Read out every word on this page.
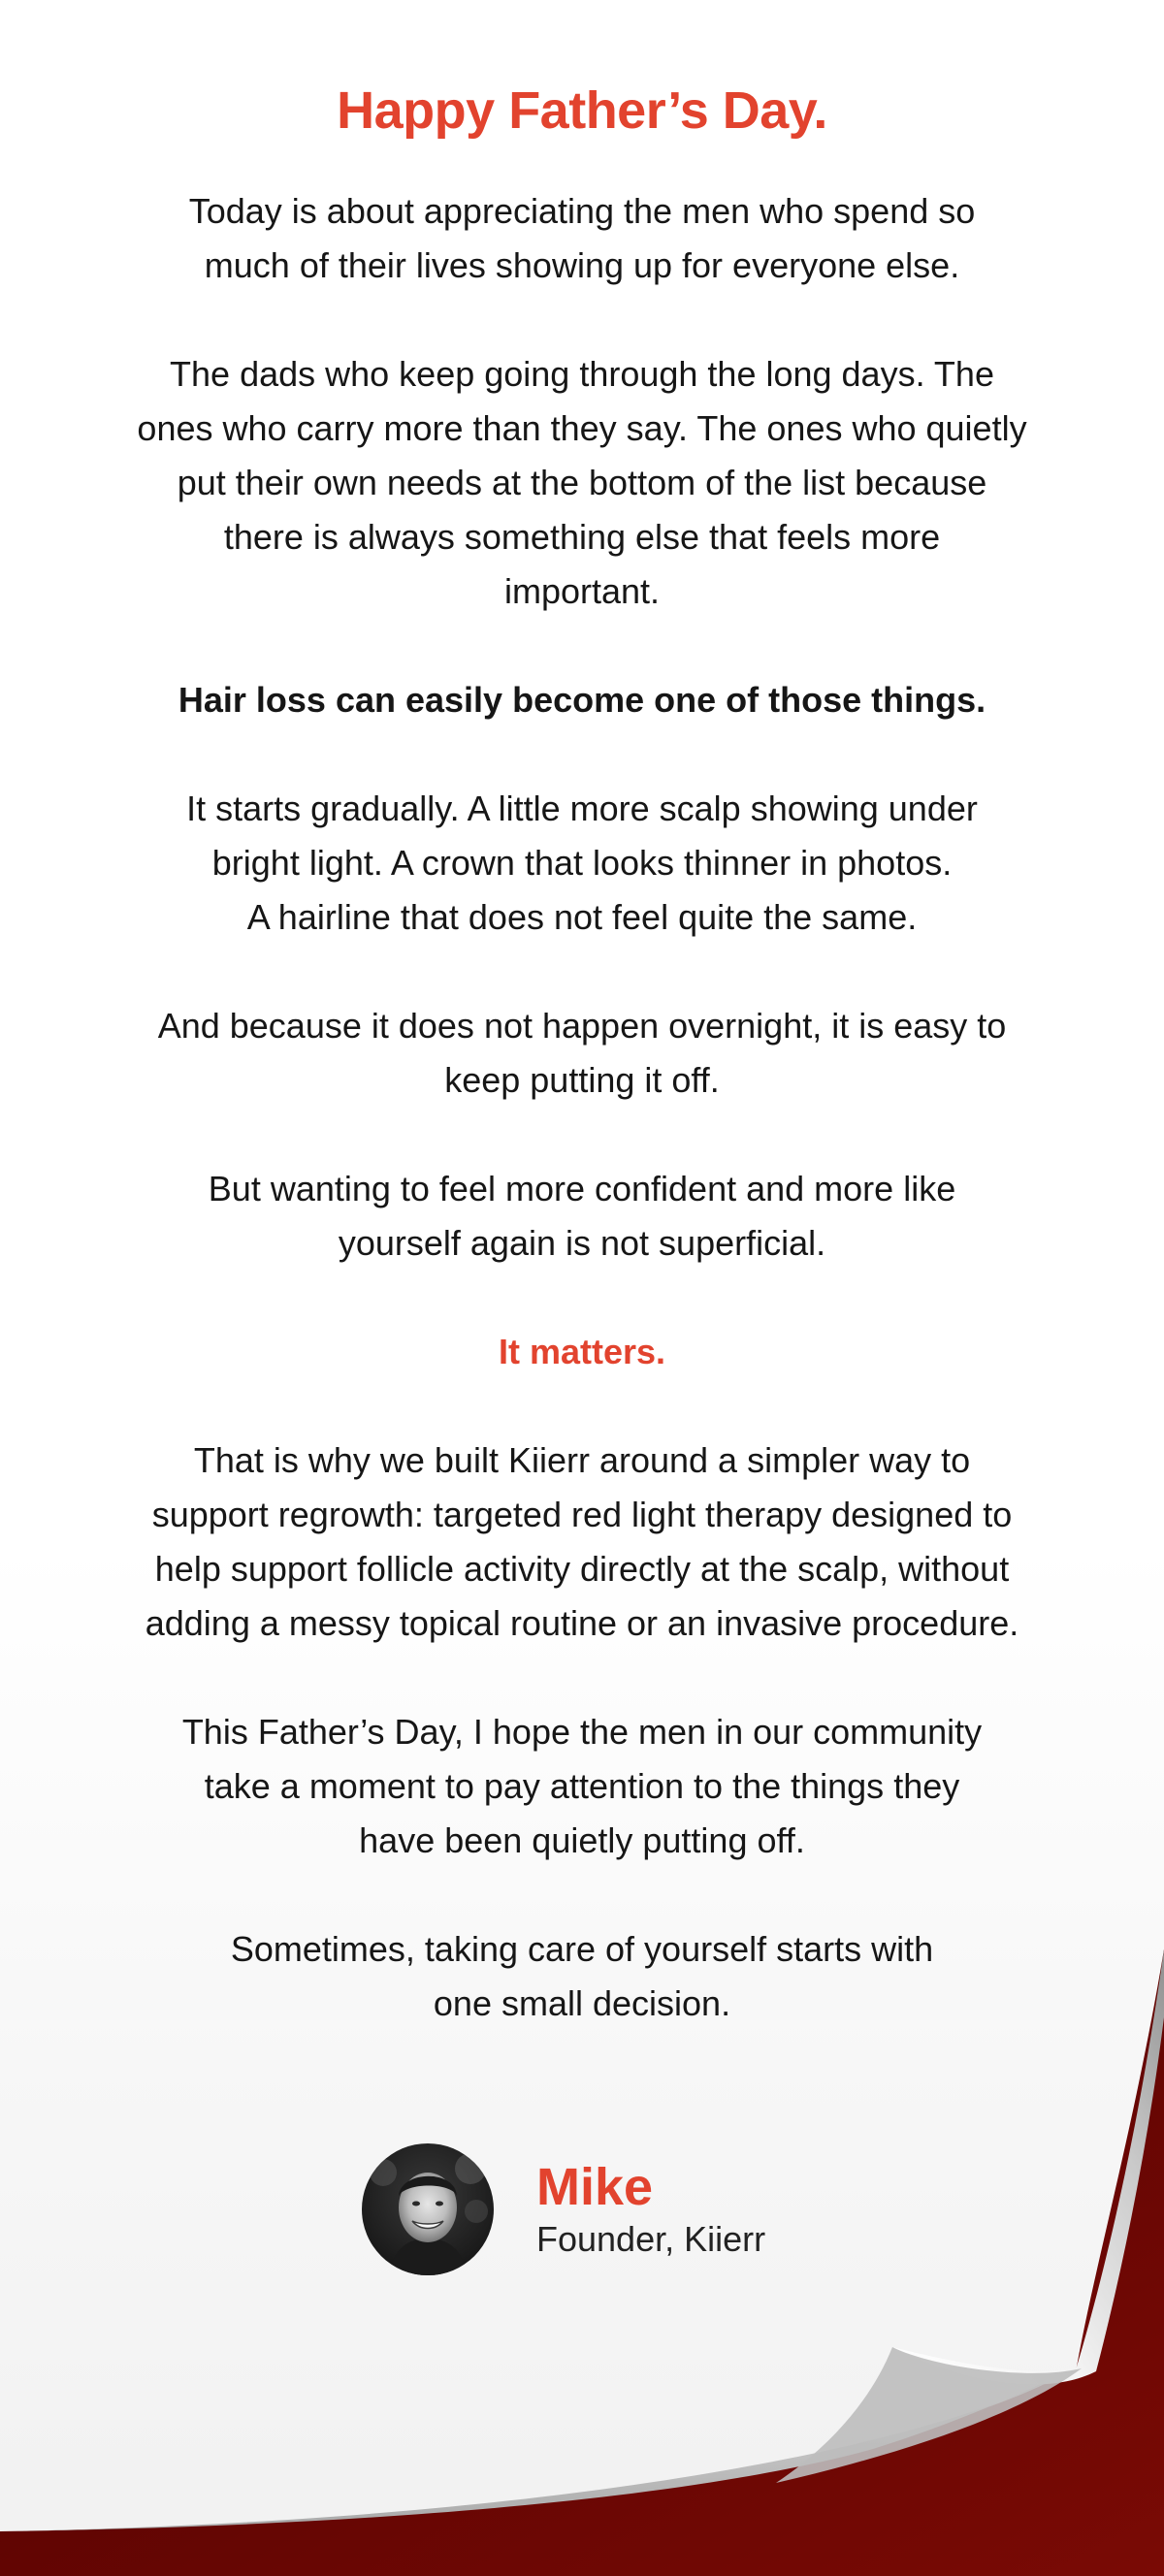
Happy Father’s Day.

Today is about appreciating the men who spend so
much of their lives showing up for everyone else.

The dads who keep going through the long days. The
ones who carry more than they say. The ones who quietly
put their own needs at the bottom of the list because
there is always something else that feels more
important.

Hair loss can easily become one of those things.

It starts gradually. A little more scalp showing under
bright light. A crown that looks thinner in photos.
A hairline that does not feel quite the same.

And because it does not happen overnight, it is easy to
keep putting it off.

But wanting to feel more confident and more like
yourself again is not superficial.

It matters.

That is why we built Kiierr around a simpler way to
support regrowth: targeted red light therapy designed to
help support follicle activity directly at the scalp, without
adding a messy topical routine or an invasive procedure.

This Father’s Day, I hope the men in our community
take a moment to pay attention to the things they
have been quietly putting off.

Sometimes, taking care of yourself starts with
one small decision.

Mike
Founder, Kiierr
